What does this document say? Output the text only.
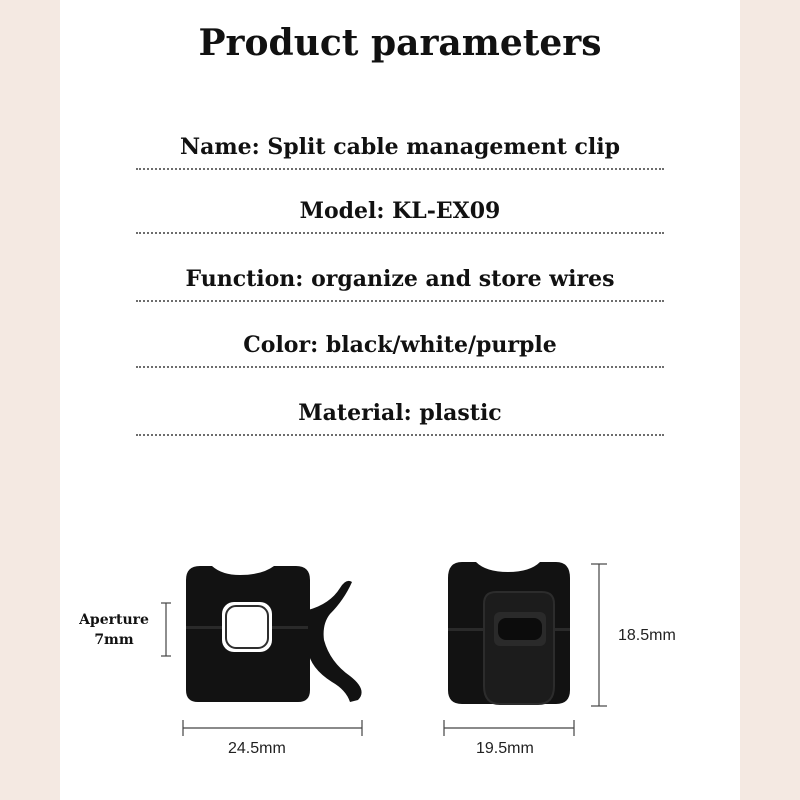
Product parameters
Name: Split cable management clip
Model: KL-EX09
Function: organize and store wires
Color: black/white/purple
Material: plastic
Aperture
7mm
24.5mm	19.5mm
18.5mm
